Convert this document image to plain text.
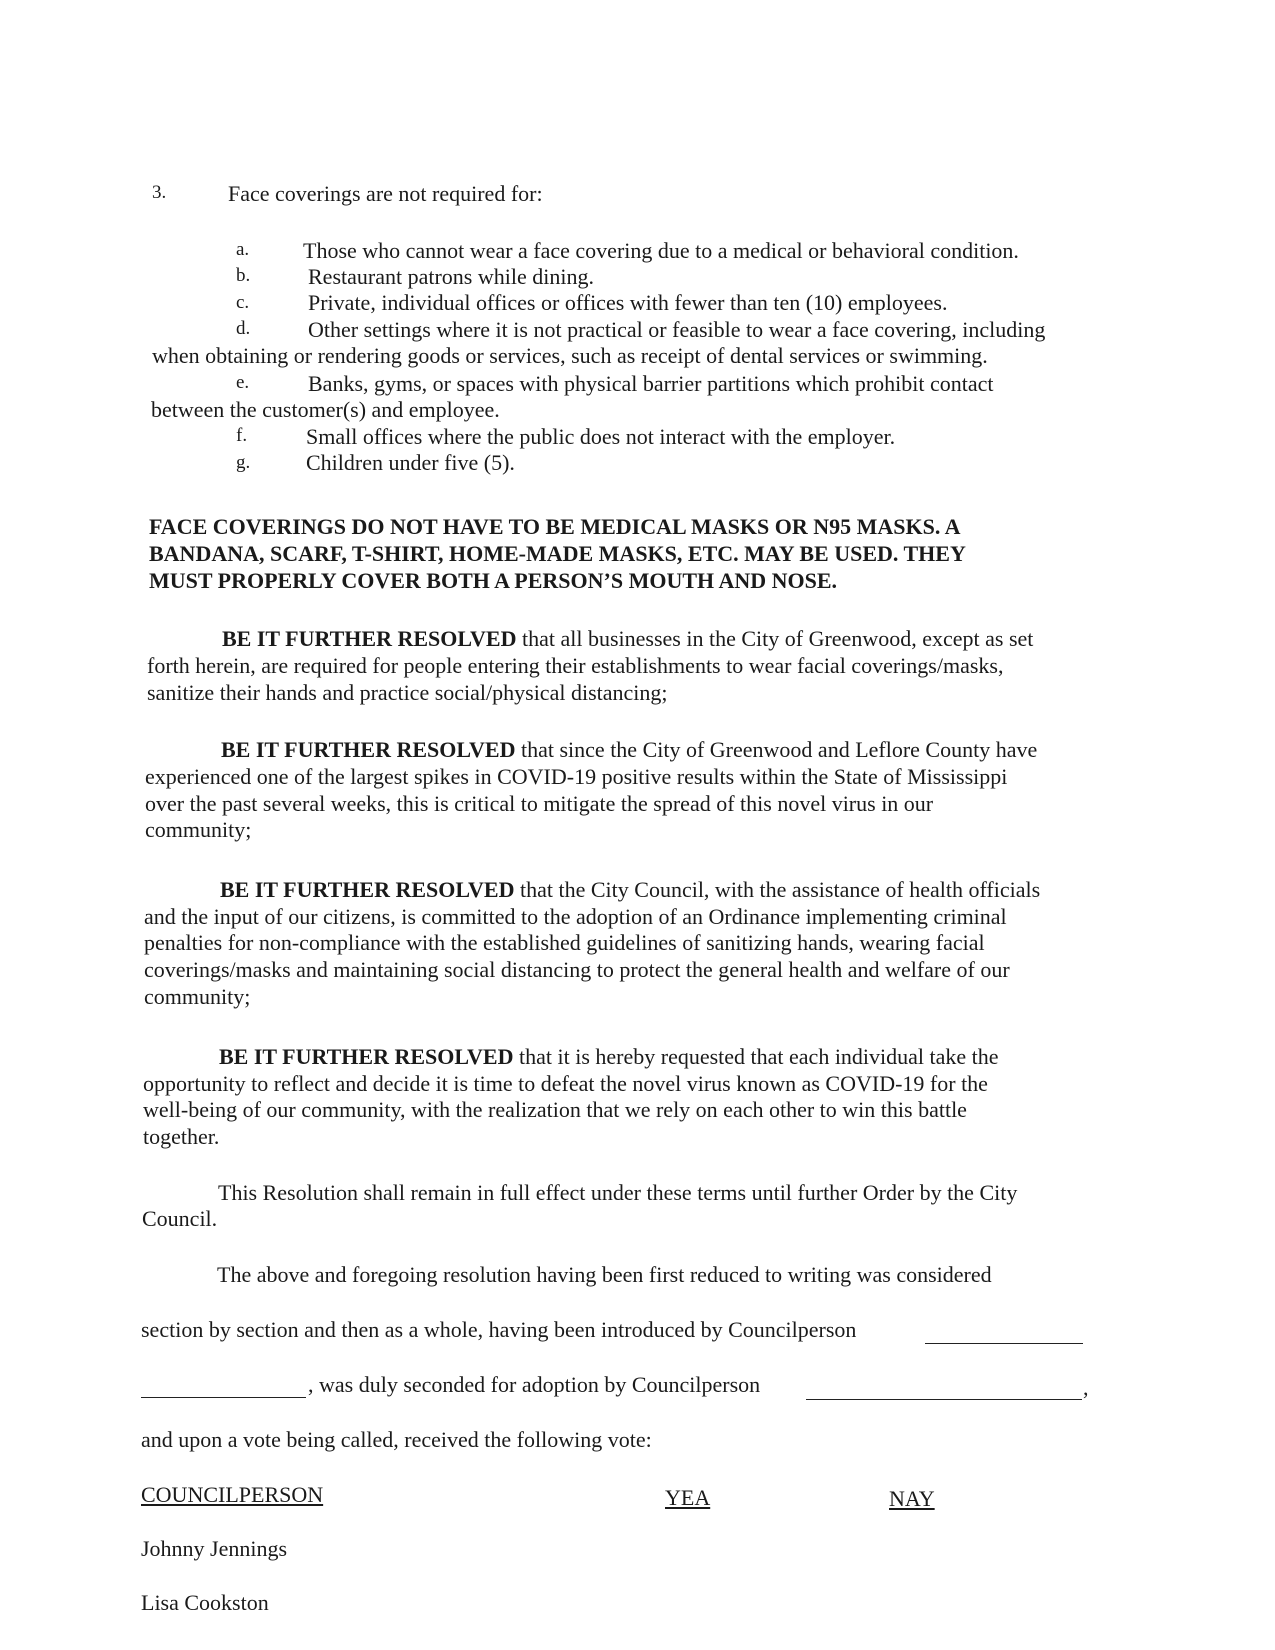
3.	Face coverings are not required for:
a. Those who cannot wear a face covering due to a medical or behavioral condition.
b.	Restaurant patrons while dining.
c.	Private, individual offices or offices with fewer than ten (10) employees.
d.	Other settings where it is not practical or feasible to wear a face covering, including
when obtaining or rendering goods or services, such as receipt of dental services or swimming.
e.	Banks, gyms, or spaces with physical barrier partitions which prohibit contact
between the customer(s) and employee.
f.	Small offices where the public does not interact with the employer.
g.	Children under five (5).
FACE COVERINGS DO NOT HAVE TO BE MEDICAL MASKS OR N95 MASKS. A
BANDANA, SCARF, T-SHIRT, HOME-MADE MASKS, ETC. MAY BE USED. THEY
MUST PROPERLY COVER BOTH A PERSON’S MOUTH AND NOSE.
BE IT FURTHER RESOLVED that all businesses in the City of Greenwood, except as set
forth herein, are required for people entering their establishments to wear facial coverings/masks,
sanitize their hands and practice social/physical distancing;
BE IT FURTHER RESOLVED that since the City of Greenwood and Leflore County have
experienced one of the largest spikes in COVID-19 positive results within the State of Mississippi
over the past several weeks, this is critical to mitigate the spread of this novel virus in our
community;
BE IT FURTHER RESOLVED that the City Council, with the assistance of health officials
and the input of our citizens, is committed to the adoption of an Ordinance implementing criminal
penalties for non-compliance with the established guidelines of sanitizing hands, wearing facial
coverings/masks and maintaining social distancing to protect the general health and welfare of our
community;
BE IT FURTHER RESOLVED that it is hereby requested that each individual take the
opportunity to reflect and decide it is time to defeat the novel virus known as COVID-19 for the
well-being of our community, with the realization that we rely on each other to win this battle
together.
This Resolution shall remain in full effect under these terms until further Order by the City
Council.
The above and foregoing resolution having been first reduced to writing was considered
section by section and then as a whole, having been introduced by Councilperson
, was duly seconded for adoption by Councilperson	,
and upon a vote being called, received the following vote:
COUNCILPERSON	YEA	NAY
Johnny Jennings
Lisa Cookston
